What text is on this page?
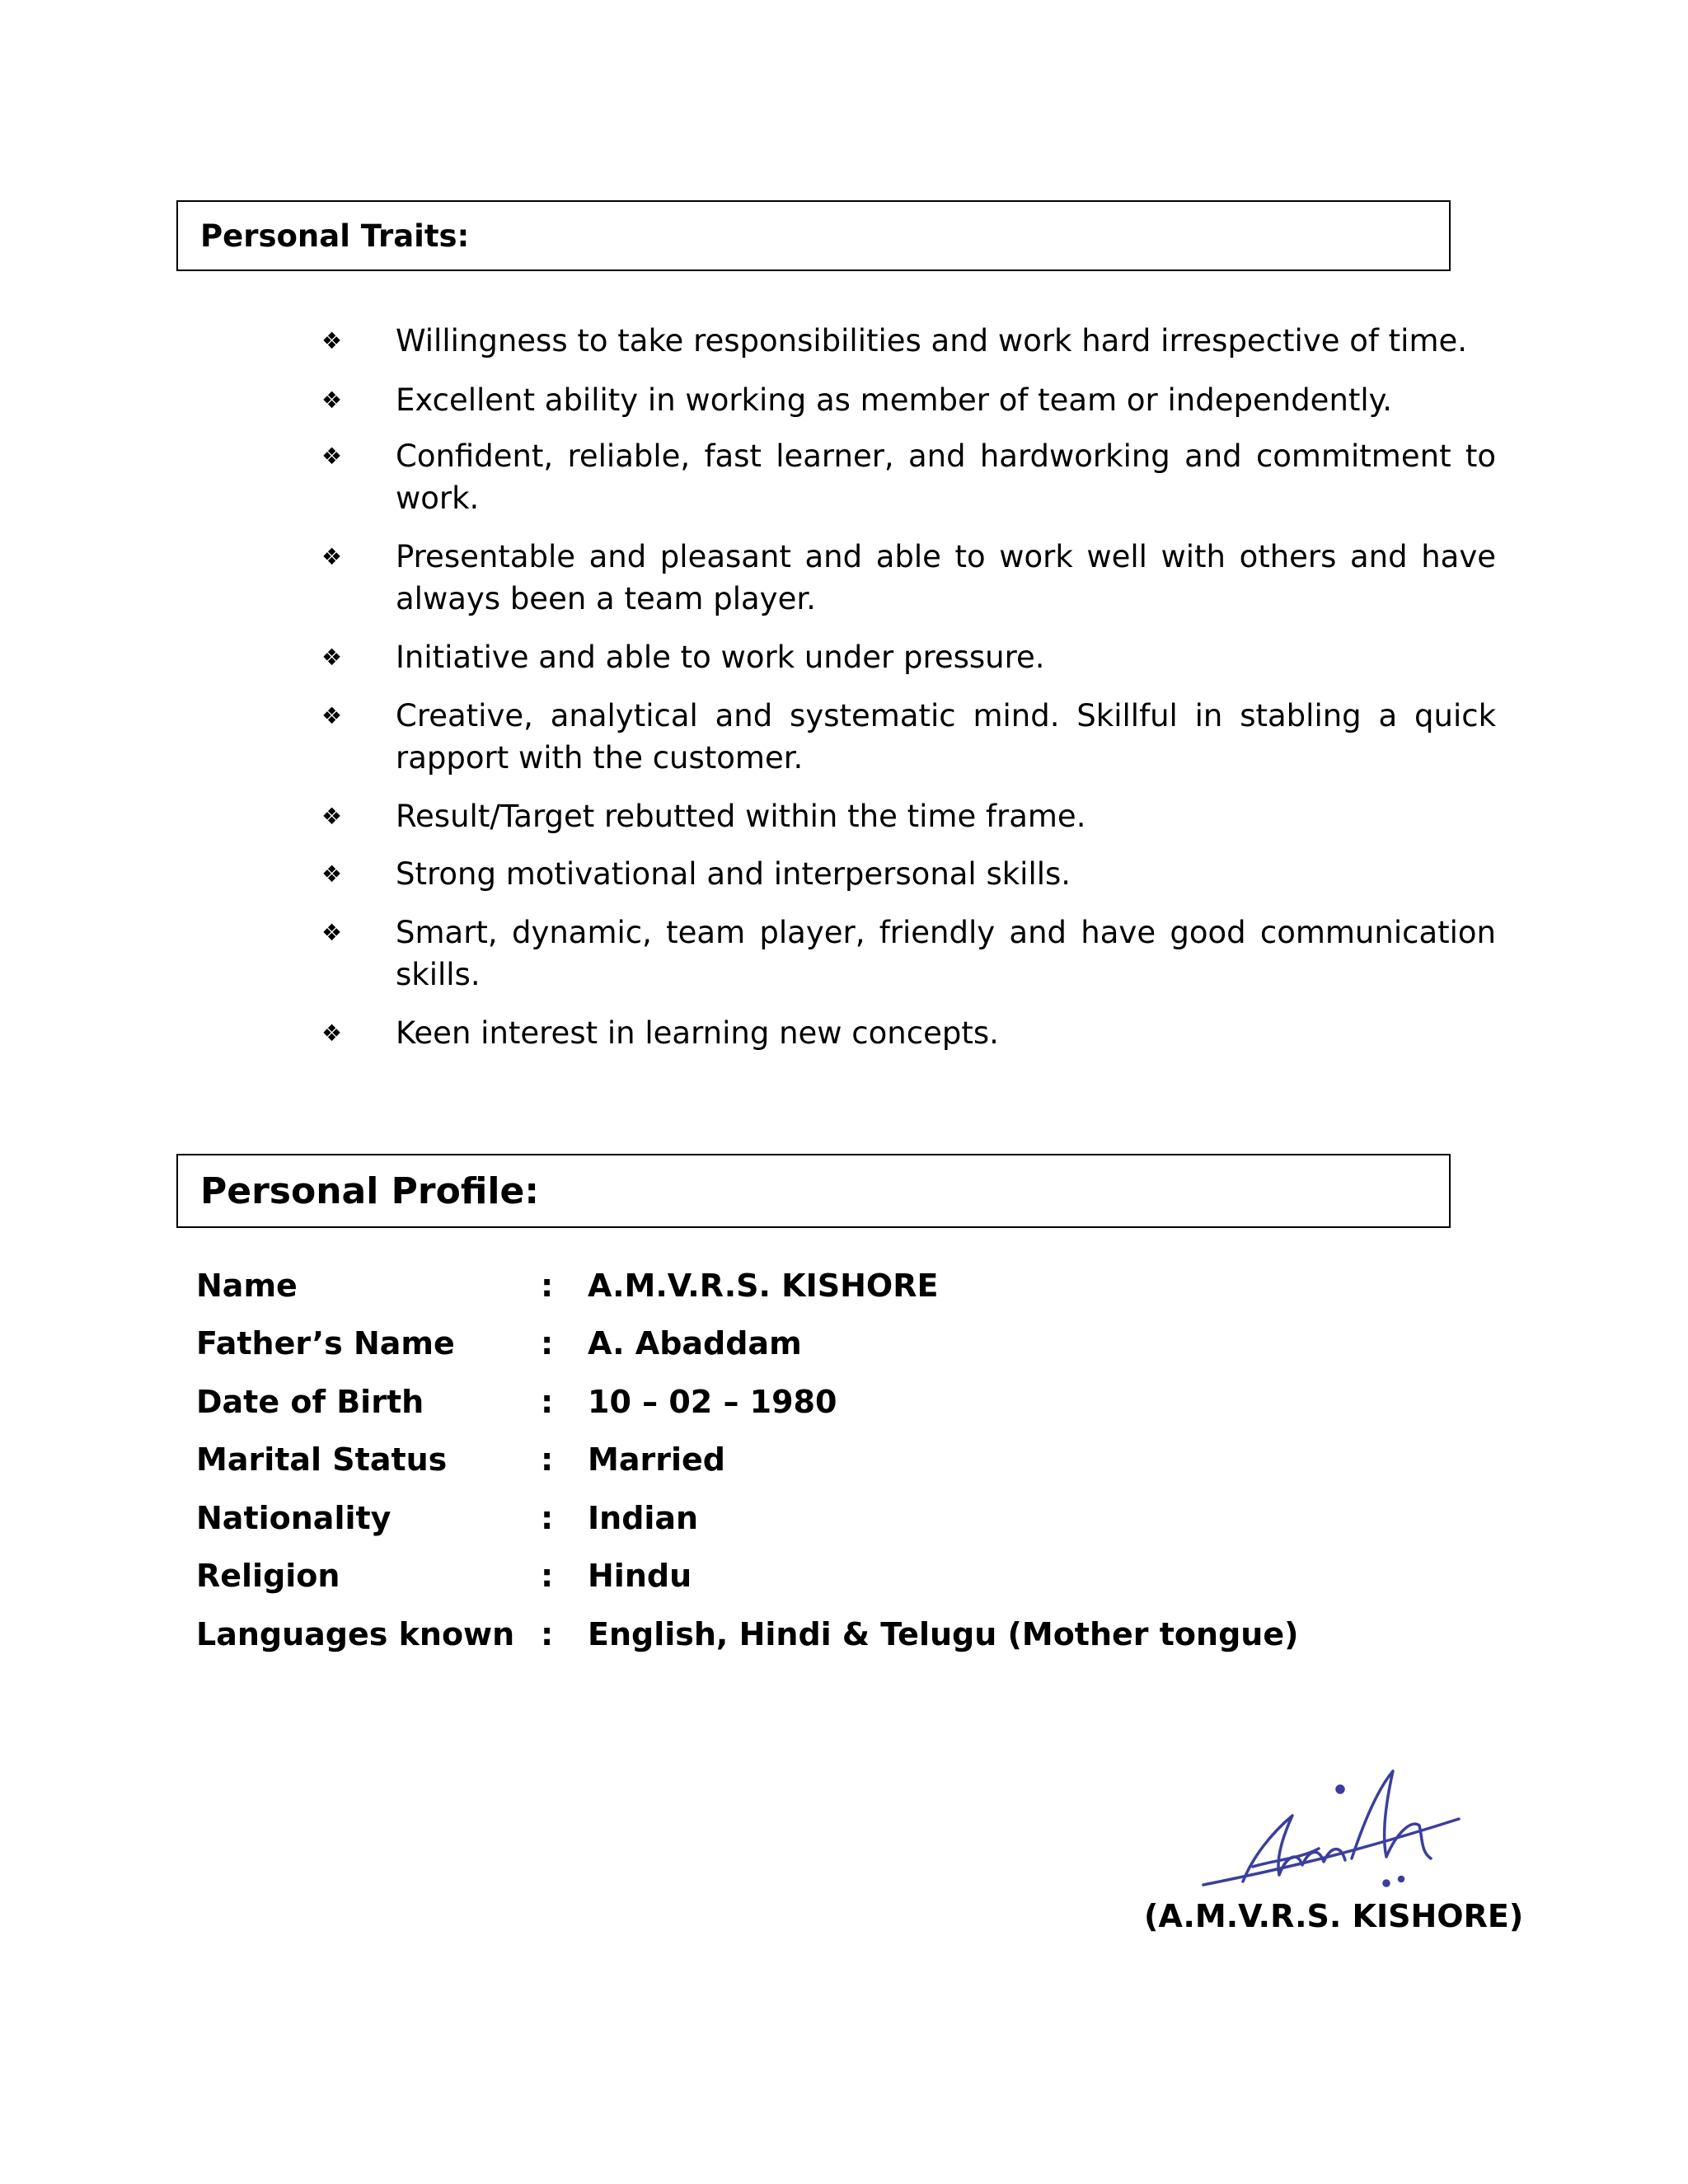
Personal Traits:
❖ Willingness to take responsibilities and work hard irrespective of time.
❖ Excellent ability in working as member of team or independently.
❖ Confident, reliable, fast learner, and hardworking and commitment to work.
❖ Presentable and pleasant and able to work well with others and have always been a team player.
❖ Initiative and able to work under pressure.
❖ Creative, analytical and systematic mind. Skillful in stabling a quick rapport with the customer.
❖ Result/Target rebutted within the time frame.
❖ Strong motivational and interpersonal skills.
❖ Smart, dynamic, team player, friendly and have good communication skills.
❖ Keen interest in learning new concepts.
Personal Profile:
Name	: A.M.V.R.S. KISHORE
Father’s Name	: A. Abaddam
Date of Birth	: 10 – 02 – 1980
Marital Status	: Married
Nationality	: Indian
Religion	: Hindu
Languages known : English, Hindi & Telugu (Mother tongue)
(A.M.V.R.S. KISHORE)
